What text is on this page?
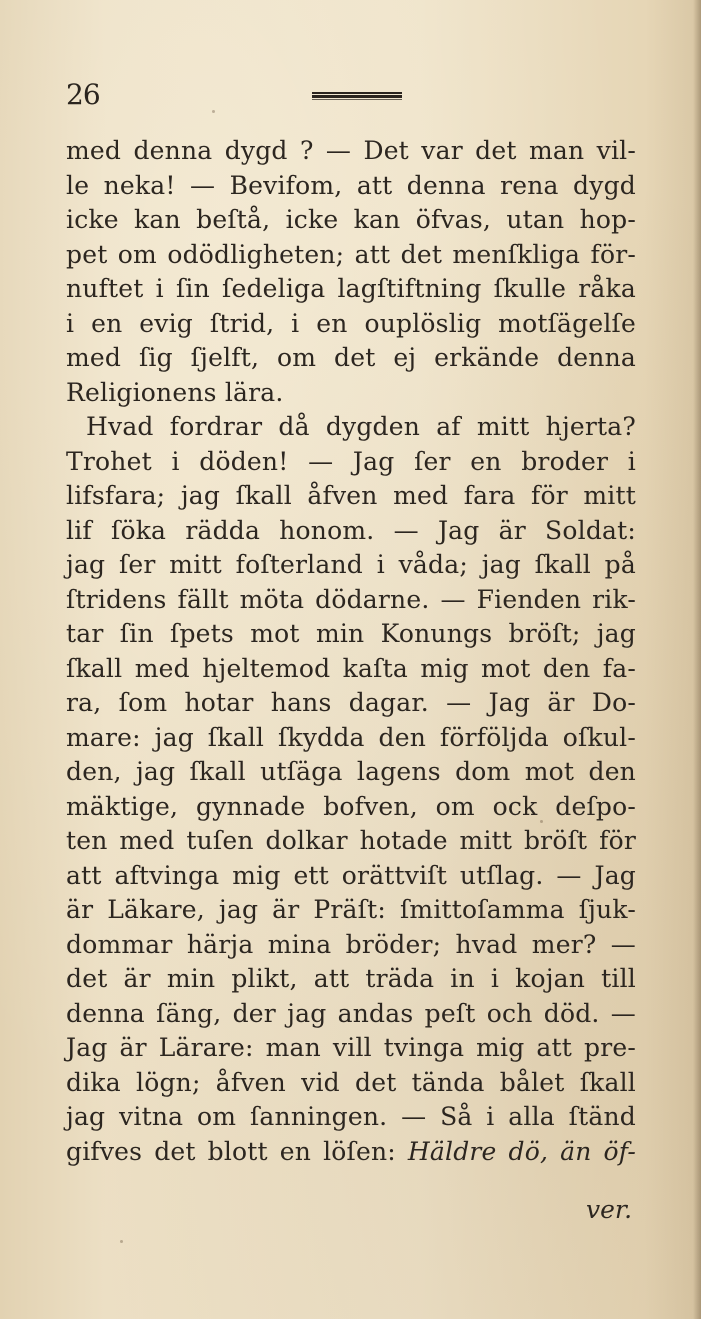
26
med denna dygd ? — Det var det man vil-
le neka! — Bevifom, att denna rena dygd
icke kan beſtå, icke kan öfvas, utan hop-
pet om odödligheten; att det menſkliga för-
nuftet i ſin ſedeliga lagſtiftning ſkulle råka
i en evig ſtrid, i en ouplöslig motſägelſe
med ſig ſjelft, om det ej erkände denna
Religionens lära.
Hvad fordrar då dygden af mitt hjerta?
Trohet i döden! — Jag ſer en broder i
lifsfara; jag ſkall åfven med fara för mitt
lif ſöka rädda honom. — Jag är Soldat:
jag ſer mitt foſterland i våda; jag ſkall på
ſtridens fällt möta dödarne. — Fienden rik-
tar ſin ſpets mot min Konungs bröſt; jag
ſkall med hjeltemod kaſta mig mot den fa-
ra, ſom hotar hans dagar. — Jag är Do-
mare: jag ſkall ſkydda den förföljda oſkul-
den, jag ſkall utſäga lagens dom mot den
mäktige, gynnade bofven, om ock deſpo-
ten med tuſen dolkar hotade mitt bröſt för
att aftvinga mig ett orättviſt utſlag. — Jag
är Läkare, jag är Präſt: ſmittoſamma ſjuk-
dommar härja mina bröder; hvad mer? —
det är min plikt, att träda in i kojan till
denna ſäng, der jag andas peſt och död. —
Jag är Lärare: man vill tvinga mig att pre-
dika lögn; åfven vid det tända bålet ſkall
jag vitna om ſanningen. — Så i alla ſtänd
gifves det blott en löſen: Häldre dö, än öf-
ver.
